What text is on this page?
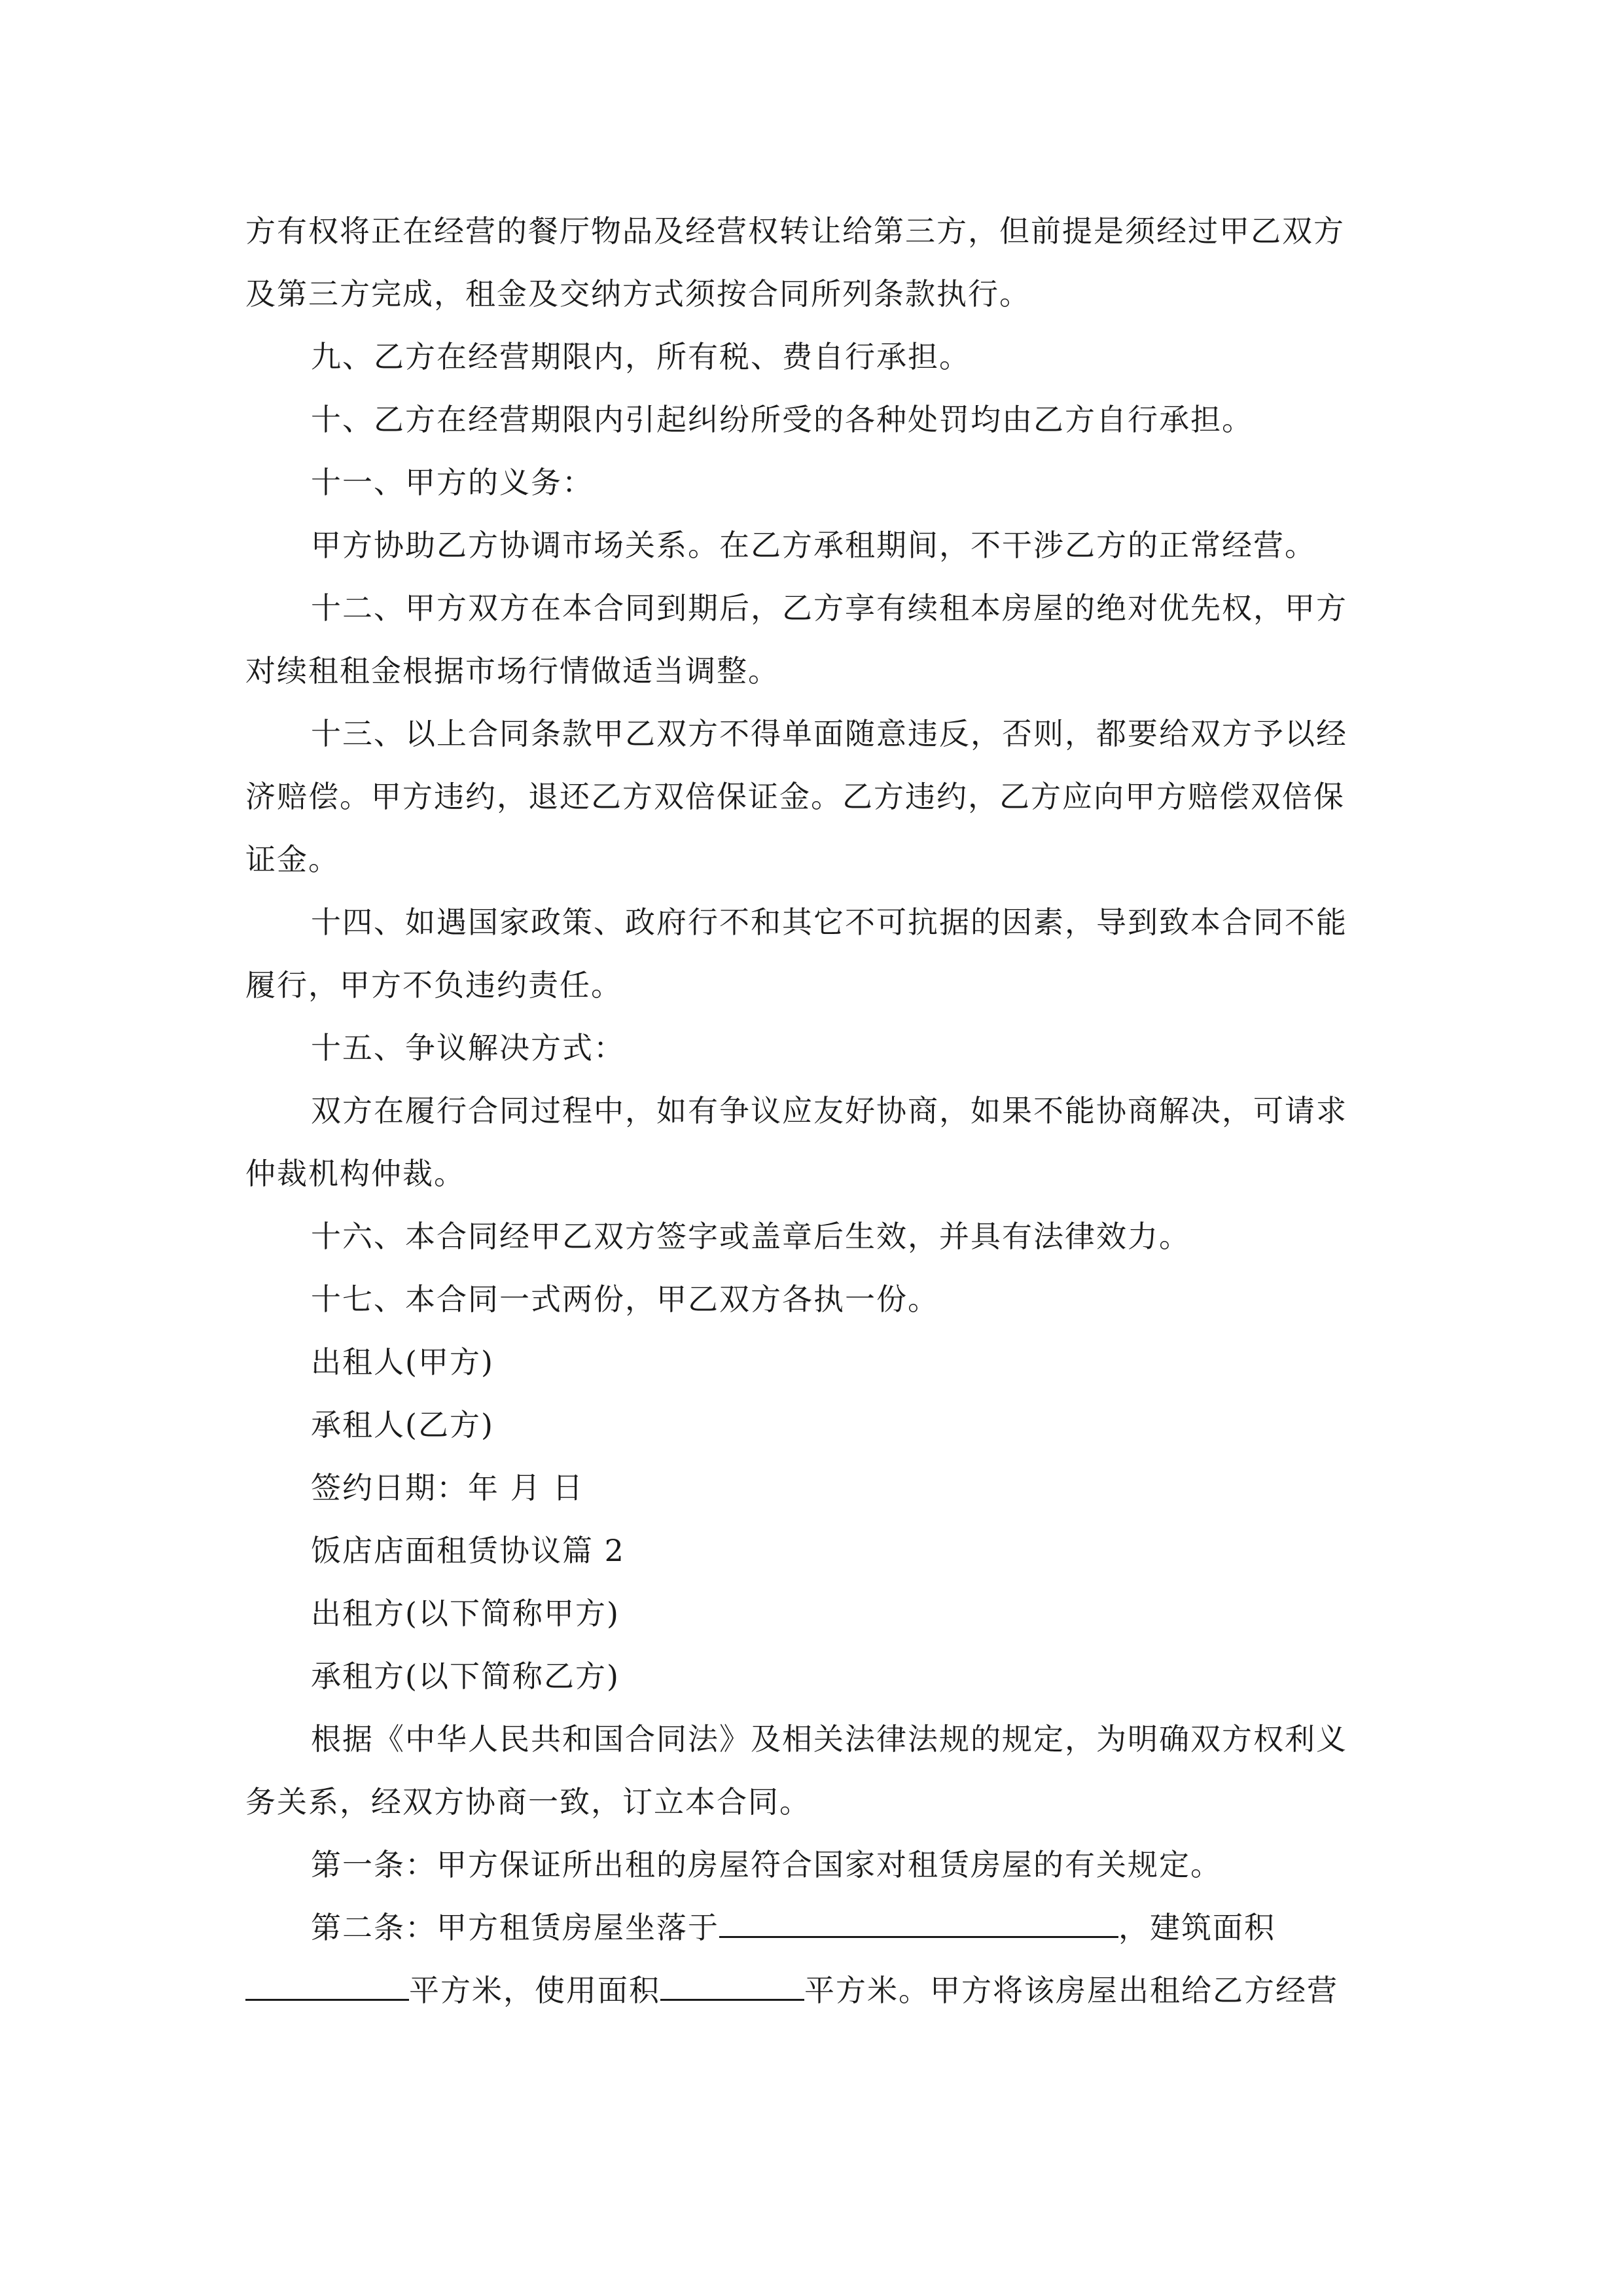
方有权将正在经营的餐厅物品及经营权转让给第三方，但前提是须经过甲乙双方

及第三方完成，租金及交纳方式须按合同所列条款执行。

九、乙方在经营期限内，所有税、费自行承担。

十、乙方在经营期限内引起纠纷所受的各种处罚均由乙方自行承担。

十一、甲方的义务：

甲方协助乙方协调市场关系。在乙方承租期间，不干涉乙方的正常经营。

十二、甲方双方在本合同到期后，乙方享有续租本房屋的绝对优先权，甲方

对续租租金根据市场行情做适当调整。

十三、以上合同条款甲乙双方不得单面随意违反，否则，都要给双方予以经

济赔偿。甲方违约，退还乙方双倍保证金。乙方违约，乙方应向甲方赔偿双倍保

证金。

十四、如遇国家政策、政府行不和其它不可抗据的因素，导到致本合同不能

履行，甲方不负违约责任。

十五、争议解决方式：

双方在履行合同过程中，如有争议应友好协商，如果不能协商解决，可请求

仲裁机构仲裁。

十六、本合同经甲乙双方签字或盖章后生效，并具有法律效力。

十七、本合同一式两份，甲乙双方各执一份。

出租人(甲方)

承租人(乙方)

签约日期：年 月 日

饭店店面租赁协议篇 2

出租方(以下简称甲方)

承租方(以下简称乙方)

根据《中华人民共和国合同法》及相关法律法规的规定，为明确双方权利义

务关系，经双方协商一致，订立本合同。

第一条：甲方保证所出租的房屋符合国家对租赁房屋的有关规定。

第二条：甲方租赁房屋坐落于	，建筑面积

平方米，使用面积	平方米。甲方将该房屋出租给乙方经营
